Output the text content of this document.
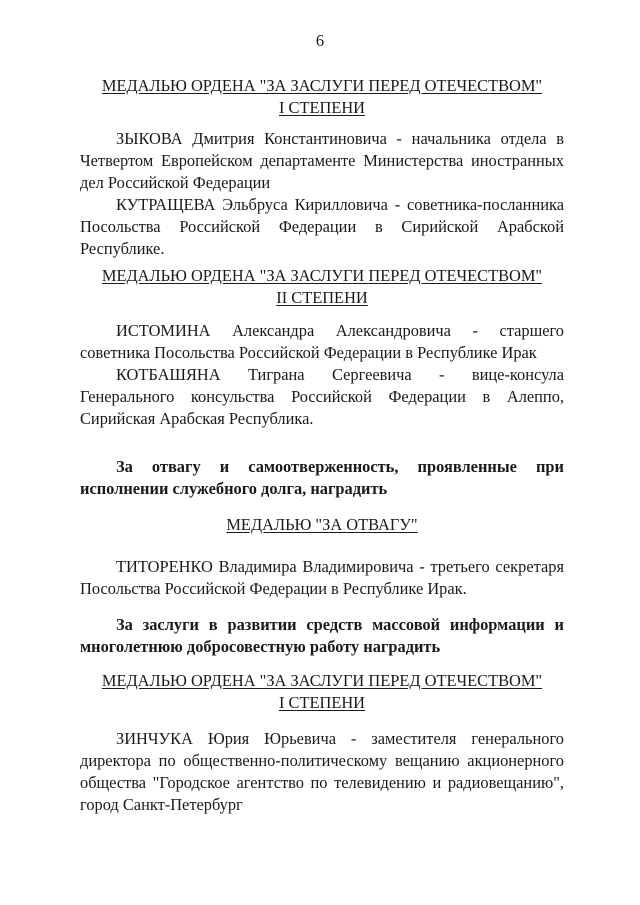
6
МЕДАЛЬЮ ОРДЕНА "ЗА ЗАСЛУГИ ПЕРЕД ОТЕЧЕСТВОМ"
I СТЕПЕНИ

ЗЫКОВА Дмитрия Константиновича - начальника отдела в Четвертом Европейском департаменте Министерства иностранных дел Российской Федерации

КУТРАЩЕВА Эльбруса Кирилловича - советника-посланника Посольства Российской Федерации в Сирийской Арабской Республике.

МЕДАЛЬЮ ОРДЕНА "ЗА ЗАСЛУГИ ПЕРЕД ОТЕЧЕСТВОМ"
II СТЕПЕНИ

ИСТОМИНА Александра Александровича - старшего советника Посольства Российской Федерации в Республике Ирак

КОТБАШЯНА Тиграна Сергеевича - вице-консула Генерального консульства Российской Федерации в Алеппо, Сирийская Арабская Республика.

За отвагу и самоотверженность, проявленные при исполнении служебного долга, наградить

МЕДАЛЬЮ "ЗА ОТВАГУ"

ТИТОРЕНКО Владимира Владимировича - третьего секретаря Посольства Российской Федерации в Республике Ирак.

За заслуги в развитии средств массовой информации и многолетнюю добросовестную работу наградить

МЕДАЛЬЮ ОРДЕНА "ЗА ЗАСЛУГИ ПЕРЕД ОТЕЧЕСТВОМ"
I СТЕПЕНИ

ЗИНЧУКА Юрия Юрьевича - заместителя генерального директора по общественно-политическому вещанию акционерного общества "Городское агентство по телевидению и радиовещанию", город Санкт-Петербург
